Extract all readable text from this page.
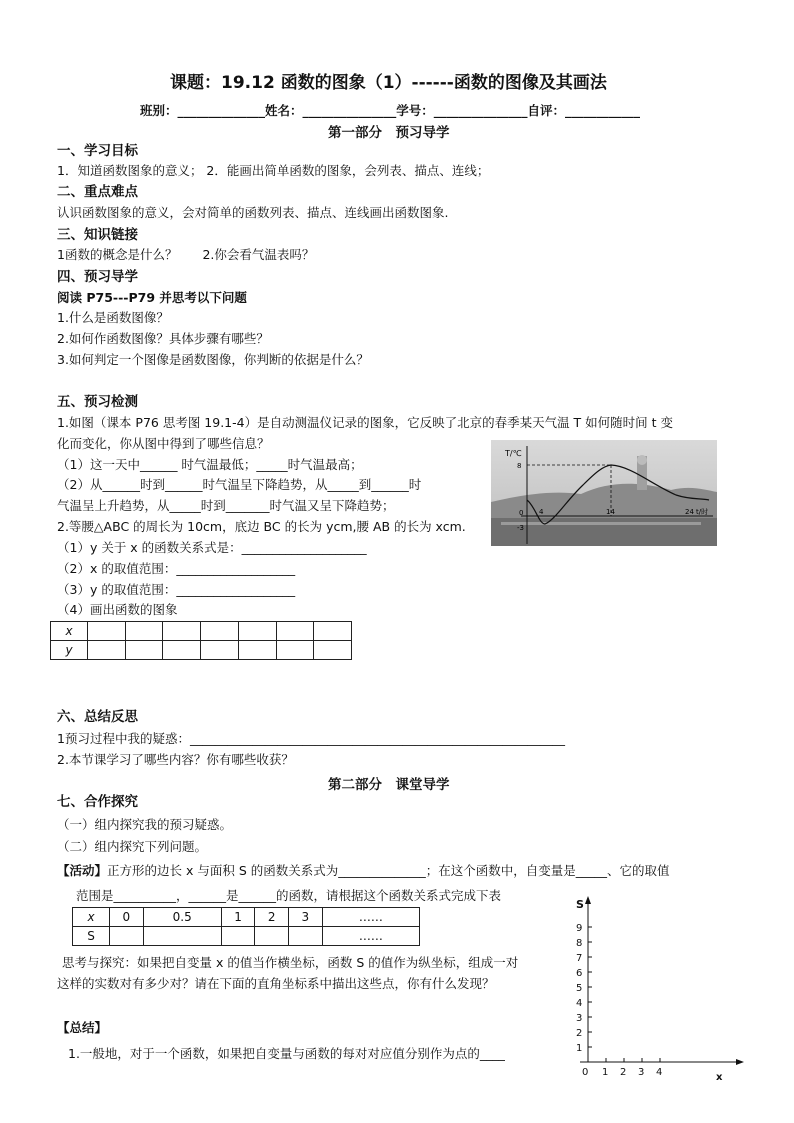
课题：19.12 函数的图象（1）------函数的图像及其画法
班别：______________姓名：_______________学号：_______________自评：____________
第一部分　预习导学
一、学习目标
1．知道函数图象的意义； 2．能画出简单函数的图象，会列表、描点、连线；
二、重点难点
认识函数图象的意义，会对简单的函数列表、描点、连线画出函数图象.
三、知识链接
1函数的概念是什么？　　2.你会看气温表吗？
四、预习导学
阅读 P75---P79 并思考以下问题
1.什么是函数图像？
2.如何作函数图像？具体步骤有哪些？
3.如何判定一个图像是函数图像，你判断的依据是什么？
五、预习检测
1.如图（课本 P76 思考图 19.1-4）是自动测温仪记录的图象，它反映了北京的春季某天气温 T 如何随时间 t 变
化而变化，你从图中得到了哪些信息？
（1）这一天中______ 时气温最低；_____时气温最高；
（2）从______时到______时气温呈下降趋势，从_____到______时
气温呈上升趋势，从_____时到_______时气温又呈下降趋势；
2.等腰△ABC 的周长为 10cm，底边 BC 的长为 ycm,腰 AB 的长为 xcm.
（1）y 关于 x 的函数关系式是：____________________
（2）x 的取值范围：___________________
（3）y 的取值范围：___________________
（4）画出函数的图象
T/℃
8
0
-3
4	14	24 t/时
x							
y							
六、总结反思
1预习过程中我的疑惑：____________________________________________________________
2.本节课学习了哪些内容？你有哪些收获？
第二部分　课堂导学
七、合作探究
（一）组内探究我的预习疑惑。
（二）组内探究下列问题。
【活动】正方形的边长 x 与面积 S 的函数关系式为______________；在这个函数中，自变量是_____、它的取值
范围是__________，______是______的函数，请根据这个函数关系式完成下表
x	0	0.5	1	2	3	……
S						……
思考与探究：如果把自变量 x 的值当作横坐标，函数 S 的值作为纵坐标，组成一对
这样的实数对有多少对？请在下面的直角坐标系中描出这些点，你有什么发现？
【总结】
1.一般地，对于一个函数，如果把自变量与函数的每对对应值分别作为点的____
S
9
8
7
6
5
4
3
2
1
0 1 2 3 4	x
